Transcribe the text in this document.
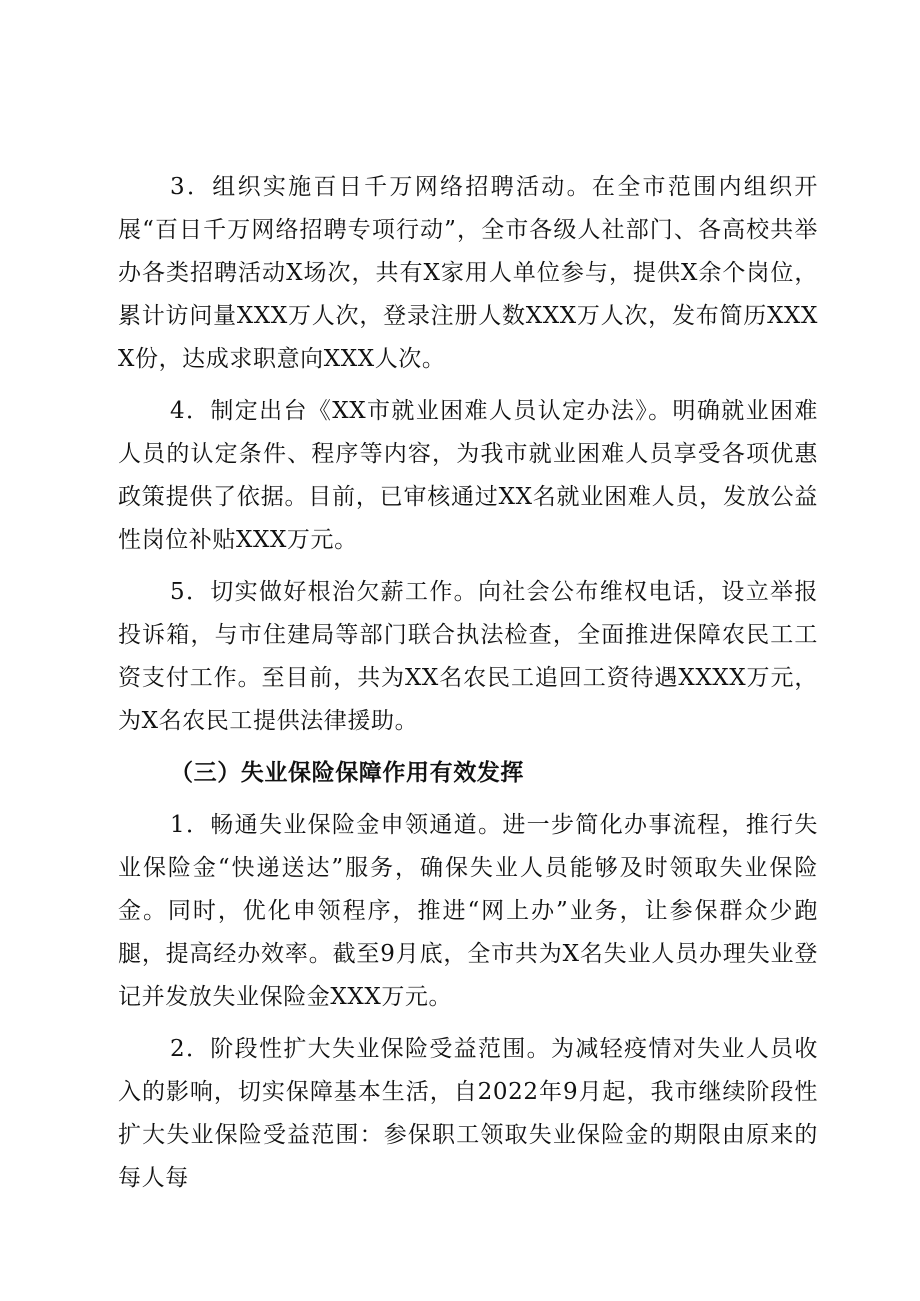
3．组织实施百日千万网络招聘活动。在全市范围内组织开展“百日千万网络招聘专项行动”，全市各级人社部门、各高校共举办各类招聘活动X场次，共有X家用人单位参与，提供X余个岗位，累计访问量XXX万人次，登录注册人数XXX万人次，发布简历XXXX份，达成求职意向XXX人次。

4．制定出台《XX市就业困难人员认定办法》。明确就业困难人员的认定条件、程序等内容，为我市就业困难人员享受各项优惠政策提供了依据。目前，已审核通过XX名就业困难人员，发放公益性岗位补贴XXX万元。

5．切实做好根治欠薪工作。向社会公布维权电话，设立举报投诉箱，与市住建局等部门联合执法检查，全面推进保障农民工工资支付工作。至目前，共为XX名农民工追回工资待遇XXXX万元，为X名农民工提供法律援助。

（三）失业保险保障作用有效发挥

1．畅通失业保险金申领通道。进一步简化办事流程，推行失业保险金“快递送达”服务，确保失业人员能够及时领取失业保险金。同时，优化申领程序，推进“网上办”业务，让参保群众少跑腿，提高经办效率。截至9月底，全市共为X名失业人员办理失业登记并发放失业保险金XXX万元。

2．阶段性扩大失业保险受益范围。为减轻疫情对失业人员收入的影响，切实保障基本生活，自2022年9月起，我市继续阶段性扩大失业保险受益范围：参保职工领取失业保险金的期限由原来的每人每
